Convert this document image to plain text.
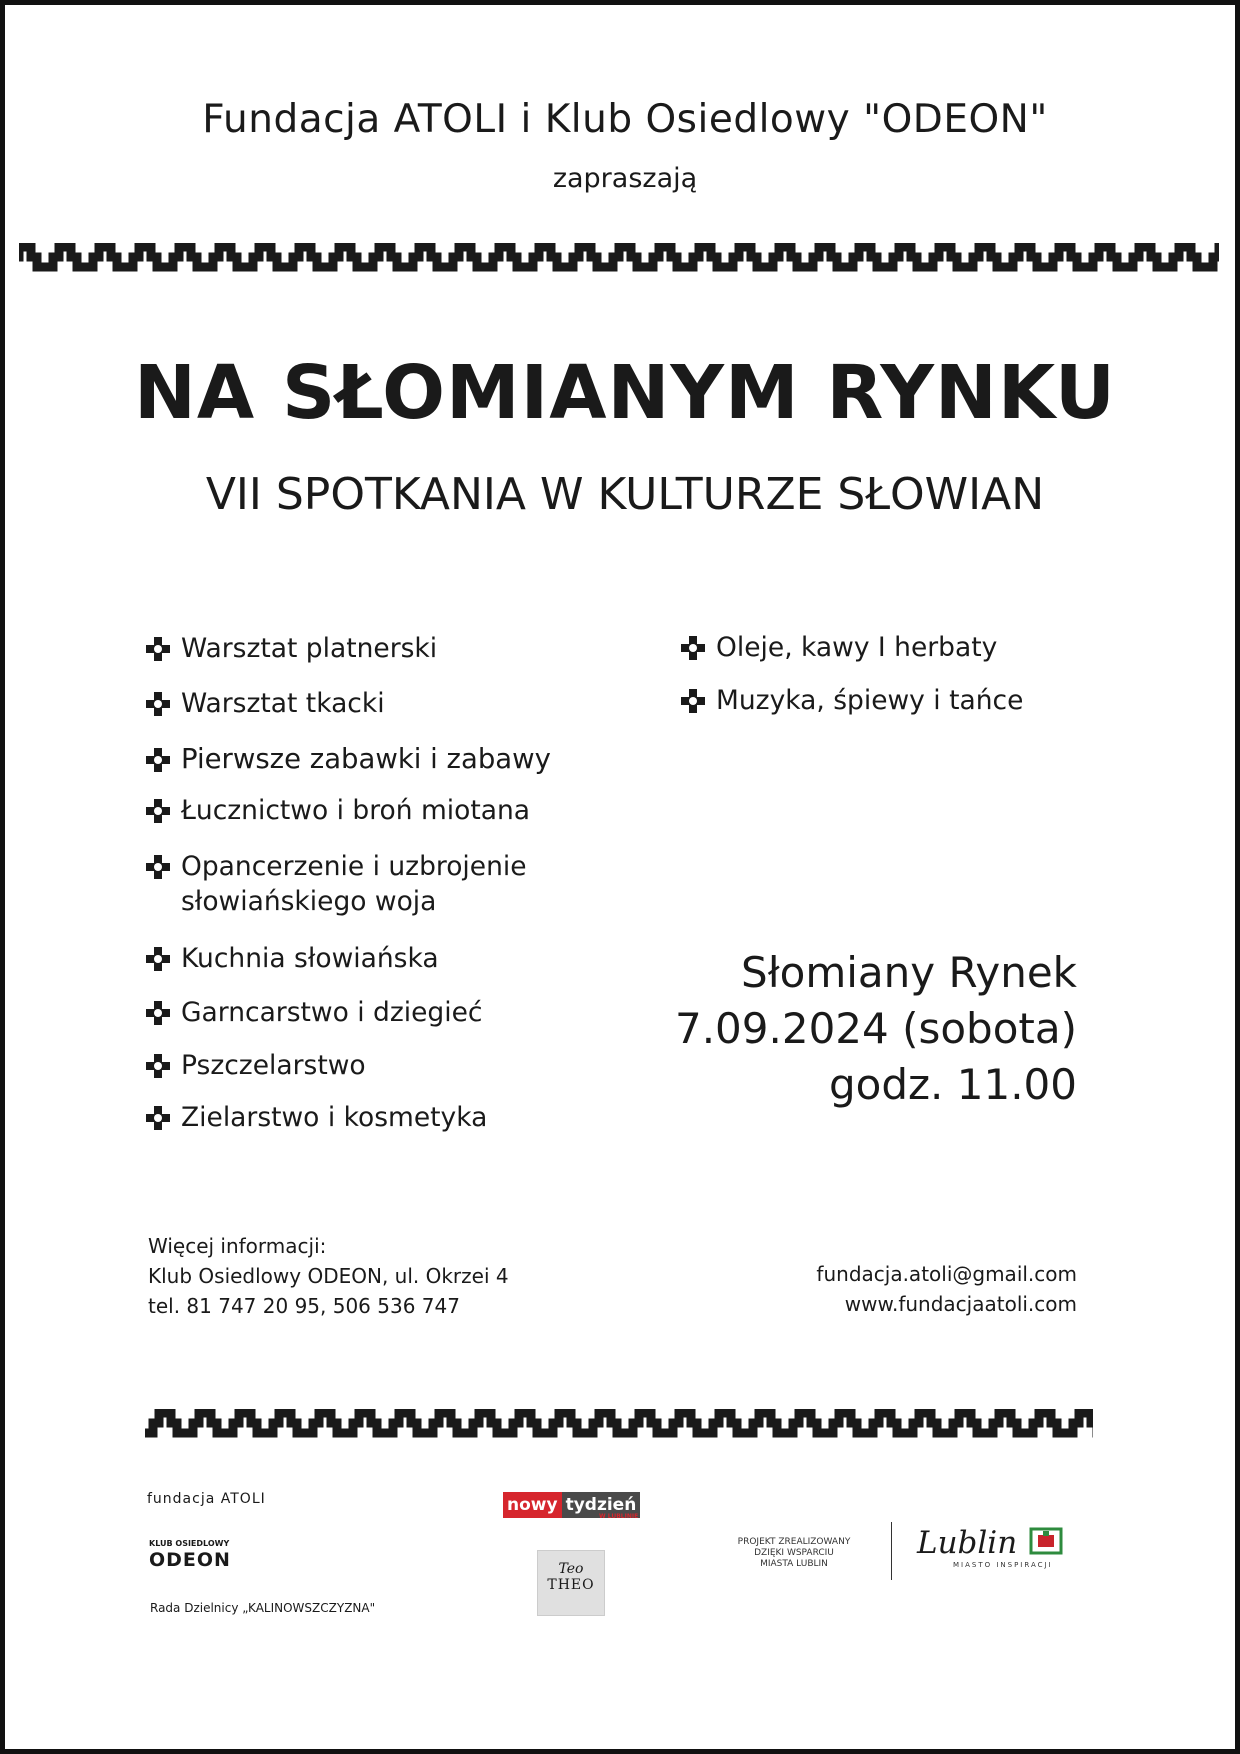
Fundacja ATOLI i Klub Osiedlowy "ODEON"
zapraszają
NA SŁOMIANYM RYNKU
VII SPOTKANIA W KULTURZE SŁOWIAN
Warsztat platnerski
Warsztat tkacki
Pierwsze zabawki i zabawy
Łucznictwo i broń miotana
Opancerzenie i uzbrojenie słowiańskiego woja
Kuchnia słowiańska
Garncarstwo i dziegieć
Pszczelarstwo
Zielarstwo i kosmetyka
Oleje, kawy I herbaty
Muzyka, śpiewy i tańce
Słomiany Rynek
7.09.2024 (sobota)
godz. 11.00
Więcej informacji:
Klub Osiedlowy ODEON, ul. Okrzei 4
tel. 81 747 20 95, 506 536 747
fundacja.atoli@gmail.com
www.fundacjaatoli.com
fundacja ATOLI
KLUB OSIEDLOWY
ODEON
Rada Dzielnicy „KALINOWSZCZYZNA"
nowy tydzień
W LUBLINIE
Teo
THEO
PROJEKT ZREALIZOWANY
DZIĘKI WSPARCIU
MIASTA LUBLIN
Lublin
MIASTO INSPIRACJI
